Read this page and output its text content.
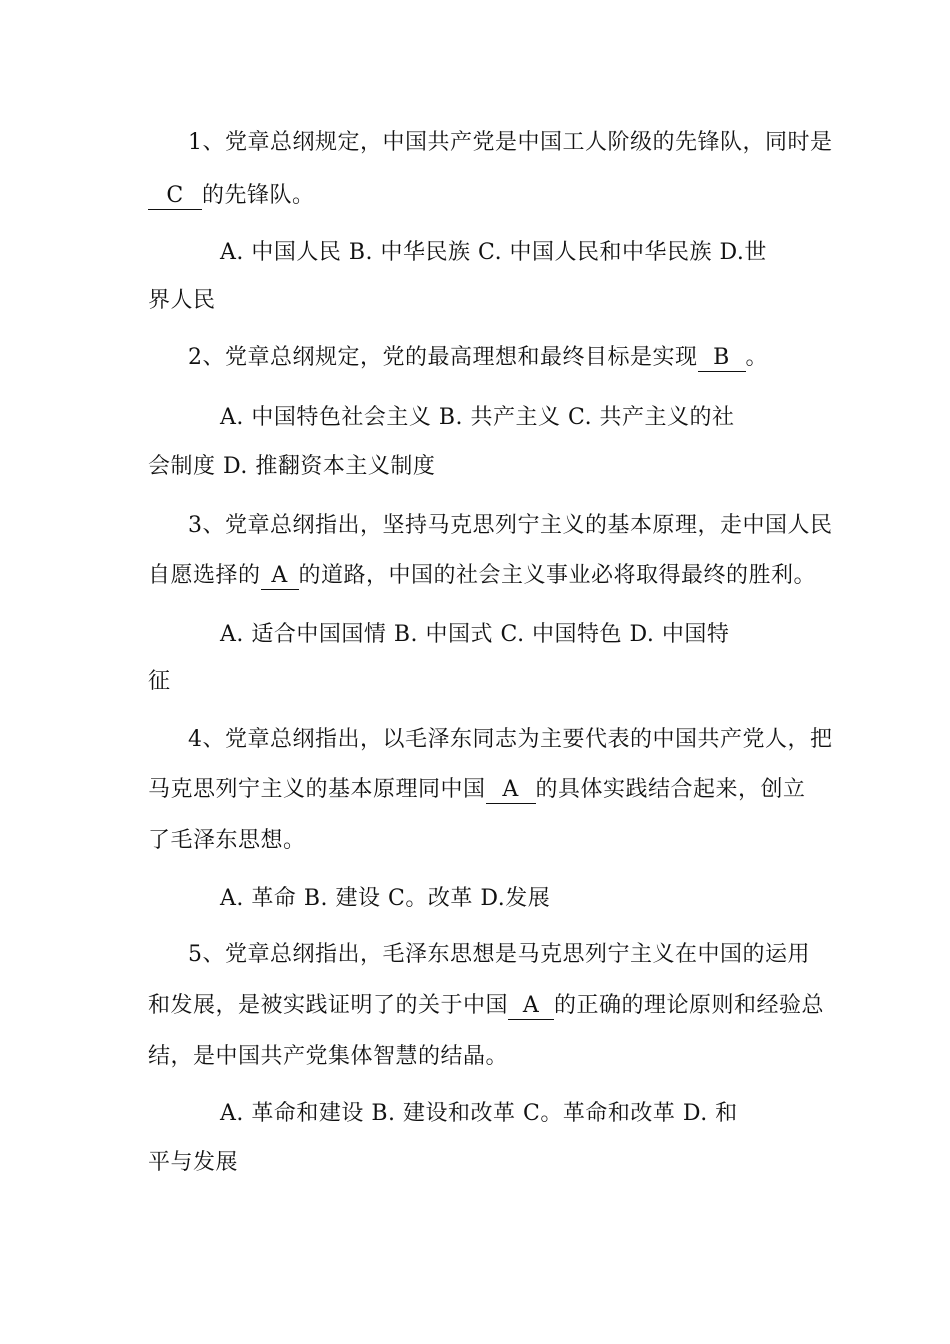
1、党章总纲规定，中国共产党是中国工人阶级的先锋队，同时是
C 的先锋队。
A. 中国人民 B. 中华民族 C. 中国人民和中华民族 D.世
界人民
2、党章总纲规定，党的最高理想和最终目标是实现 B 。
A. 中国特色社会主义 B. 共产主义 C. 共产主义的社
会制度 D. 推翻资本主义制度
3、党章总纲指出，坚持马克思列宁主义的基本原理，走中国人民
自愿选择的 A 的道路，中国的社会主义事业必将取得最终的胜利。
A. 适合中国国情 B. 中国式 C. 中国特色 D. 中国特
征
4、党章总纲指出，以毛泽东同志为主要代表的中国共产党人，把
马克思列宁主义的基本原理同中国 A 的具体实践结合起来，创立
了毛泽东思想。
A. 革命 B. 建设 C。改革 D.发展
5、党章总纲指出，毛泽东思想是马克思列宁主义在中国的运用
和发展，是被实践证明了的关于中国 A 的正确的理论原则和经验总
结，是中国共产党集体智慧的结晶。
A. 革命和建设 B. 建设和改革 C。革命和改革 D. 和
平与发展
